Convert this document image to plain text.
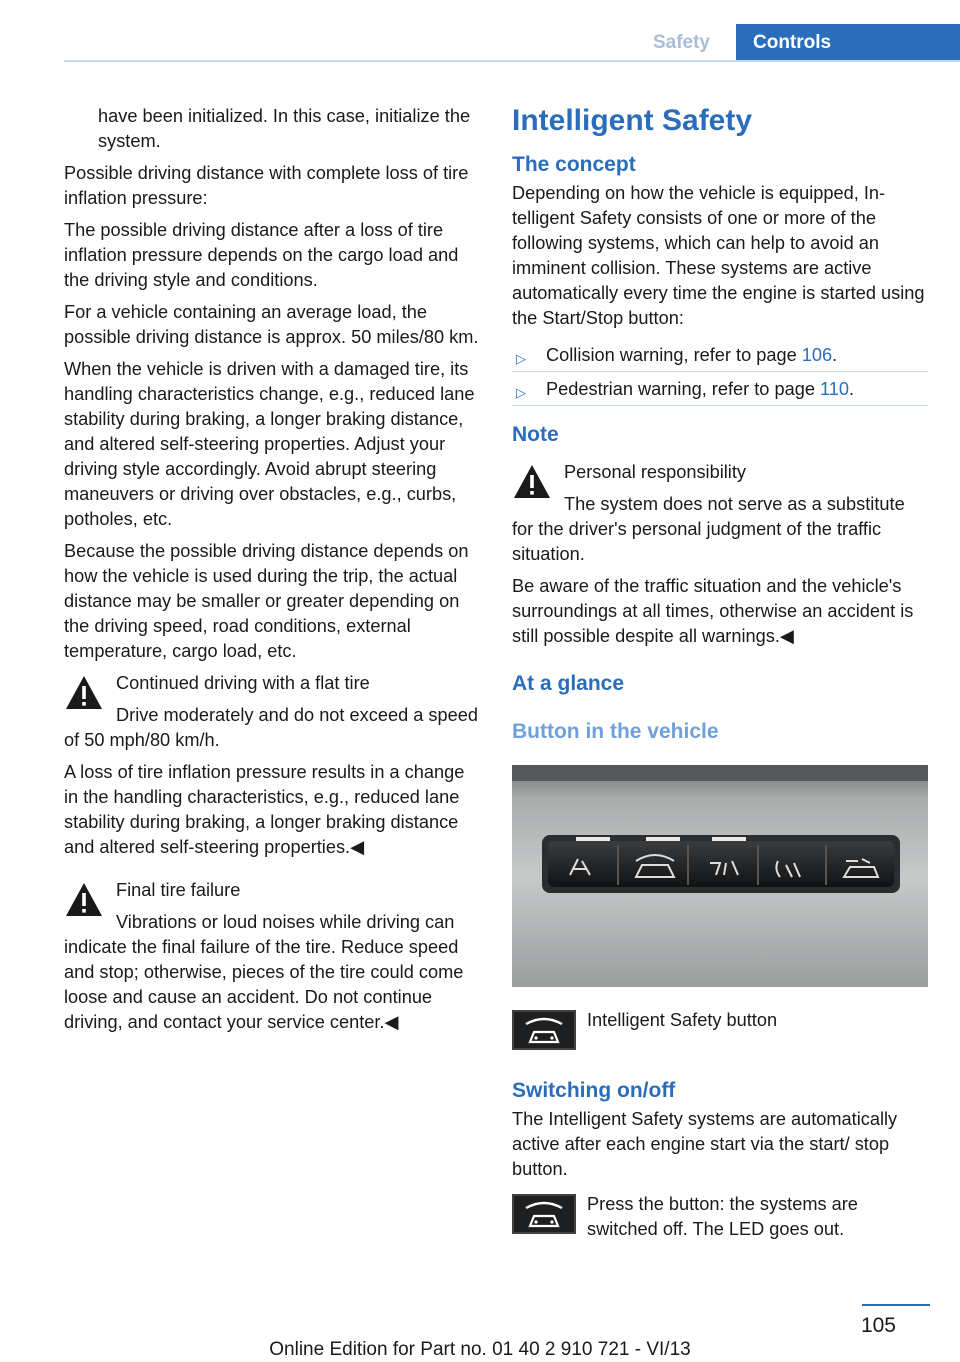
Safety	Controls

have been initialized. In this case, initialize the system.

Possible driving distance with complete loss of tire inflation pressure:

The possible driving distance after a loss of tire inflation pressure depends on the cargo load and the driving style and conditions.

For a vehicle containing an average load, the possible driving distance is approx. 50 miles/80 km.

When the vehicle is driven with a damaged tire, its handling characteristics change, e.g., reduced lane stability during braking, a longer braking distance, and altered self-steering properties. Adjust your driving style accordingly. Avoid abrupt steering maneuvers or driving over obstacles, e.g., curbs, potholes, etc.

Because the possible driving distance depends on how the vehicle is used during the trip, the actual distance may be smaller or greater depending on the driving speed, road conditions, external temperature, cargo load, etc.

Continued driving with a flat tire

Drive moderately and do not exceed a speed of 50 mph/80 km/h.

A loss of tire inflation pressure results in a change in the handling characteristics, e.g., reduced lane stability during braking, a longer braking distance and altered self-steering properties.◀

Final tire failure

Vibrations or loud noises while driving can indicate the final failure of the tire. Reduce speed and stop; otherwise, pieces of the tire could come loose and cause an accident. Do not continue driving, and contact your service center.◀

Intelligent Safety
The concept

Depending on how the vehicle is equipped, Intelligent Safety consists of one or more of the following systems, which can help to avoid an imminent collision. These systems are active automatically every time the engine is started using the Start/Stop button:

▷	Collision warning, refer to page 106.
▷	Pedestrian warning, refer to page 110.
Note

Personal responsibility

The system does not serve as a substitute for the driver's personal judgment of the traffic situation.

Be aware of the traffic situation and the vehicle's surroundings at all times, otherwise an accident is still possible despite all warnings.◀

At a glance
Button in the vehicle

Intelligent Safety button

Switching on/off

The Intelligent Safety systems are automatically active after each engine start via the start/ stop button.

Press the button: the systems are switched off. The LED goes out.

105
Online Edition for Part no. 01 40 2 910 721 - VI/13
